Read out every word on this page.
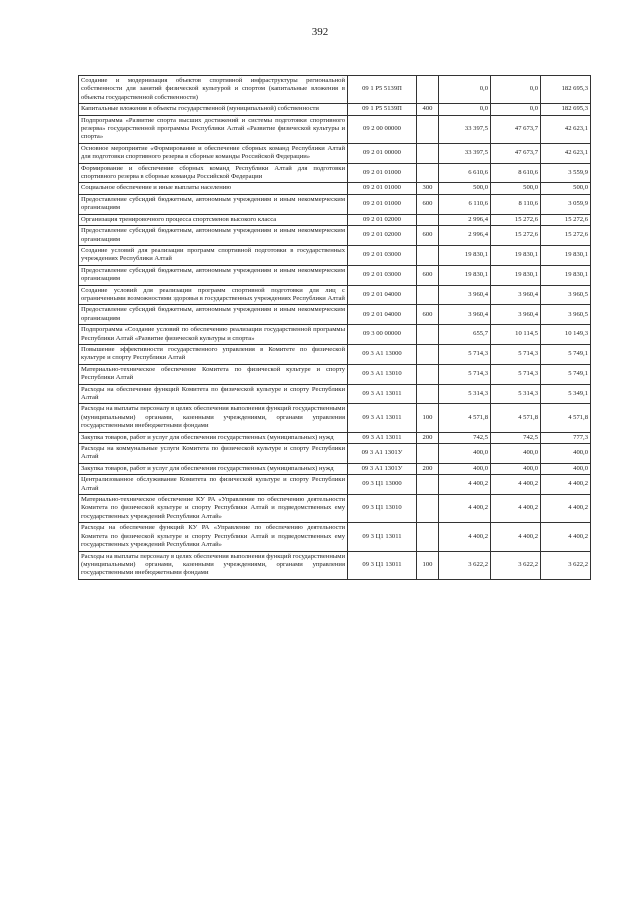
392
Создание и модернизация объектов спортивной инфраструктуры региональной собственности для занятий физической культурой и спортом (капитальные вложения в объекты государственной собственности)	09 1 P5 5139П		0,0	0,0	182 695,3
Капитальные вложения в объекты государственной (муниципальной) собственности	09 1 P5 5139П	400	0,0	0,0	182 695,3
Подпрограмма «Развитие спорта высших достижений и системы подготовки спортивного резерва» государственной программы Республики Алтай «Развитие физической культуры и спорта»	09 2 00 00000		33 397,5	47 673,7	42 623,1
Основное мероприятие «Формирование и обеспечение сборных команд Республики Алтай для подготовки спортивного резерва в сборные команды Российской Федерации»	09 2 01 00000		33 397,5	47 673,7	42 623,1
Формирование и обеспечение сборных команд Республики Алтай для подготовки спортивного резерва в сборные команды Российской Федерации	09 2 01 01000		6 610,6	8 610,6	3 559,9
Социальное обеспечение и иные выплаты населению	09 2 01 01000	300	500,0	500,0	500,0
Предоставление субсидий бюджетным, автономным учреждениям и иным некоммерческим организациям	09 2 01 01000	600	6 110,6	8 110,6	3 059,9
Организация тренировочного процесса спортсменов высокого класса	09 2 01 02000		2 996,4	15 272,6	15 272,6
Предоставление субсидий бюджетным, автономным учреждениям и иным некоммерческим организациям	09 2 01 02000	600	2 996,4	15 272,6	15 272,6
Создание условий для реализации программ спортивной подготовки в государственных учреждениях Республики Алтай	09 2 01 03000		19 830,1	19 830,1	19 830,1
Предоставление субсидий бюджетным, автономным учреждениям и иным некоммерческим организациям	09 2 01 03000	600	19 830,1	19 830,1	19 830,1
Создание условий для реализации программ спортивной подготовки для лиц с ограниченными возможностями здоровья в государственных учреждениях Республики Алтай	09 2 01 04000		3 960,4	3 960,4	3 960,5
Предоставление субсидий бюджетным, автономным учреждениям и иным некоммерческим организациям	09 2 01 04000	600	3 960,4	3 960,4	3 960,5
Подпрограмма «Создание условий по обеспечению реализации государственной программы Республики Алтай «Развитие физической культуры и спорта»	09 3 00 00000		655,7	10 114,5	10 149,3
Повышение эффективности государственного управления в Комитете по физической культуре и спорту Республики Алтай	09 3 А1 13000		5 714,3	5 714,3	5 749,1
Материально-техническое обеспечение Комитета по физической культуре и спорту Республики Алтай	09 3 А1 13010		5 714,3	5 714,3	5 749,1
Расходы на обеспечение функций Комитета по физической культуре и спорту Республики Алтай	09 3 А1 13011		5 314,3	5 314,3	5 349,1
Расходы на выплаты персоналу в целях обеспечения выполнения функций государственными (муниципальными) органами, казенными учреждениями, органами управления государственными внебюджетными фондами	09 3 А1 13011	100	4 571,8	4 571,8	4 571,8
Закупка товаров, работ и услуг для обеспечения государственных (муниципальных) нужд	09 3 А1 13011	200	742,5	742,5	777,3
Расходы на коммунальные услуги Комитета по физической культуре и спорту Республики Алтай	09 3 А1 1301У		400,0	400,0	400,0
Закупка товаров, работ и услуг для обеспечения государственных (муниципальных) нужд	09 3 А1 1301У	200	400,0	400,0	400,0
Централизованное обслуживание Комитета по физической культуре и спорту Республики Алтай	09 3 Ц1 13000		4 400,2	4 400,2	4 400,2
Материально-техническое обеспечение КУ РА «Управление по обеспечению деятельности Комитета по физической культуре и спорту Республики Алтай и подведомственных ему государственных учреждений Республики Алтай»	09 3 Ц1 13010		4 400,2	4 400,2	4 400,2
Расходы на обеспечение функций КУ РА «Управление по обеспечению деятельности Комитета по физической культуре и спорту Республики Алтай и подведомственных ему государственных учреждений Республики Алтай»	09 3 Ц1 13011		4 400,2	4 400,2	4 400,2
Расходы на выплаты персоналу в целях обеспечения выполнения функций государственными (муниципальными) органами, казенными учреждениями, органами управления государственными внебюджетными фондами	09 3 Ц1 13011	100	3 622,2	3 622,2	3 622,2
